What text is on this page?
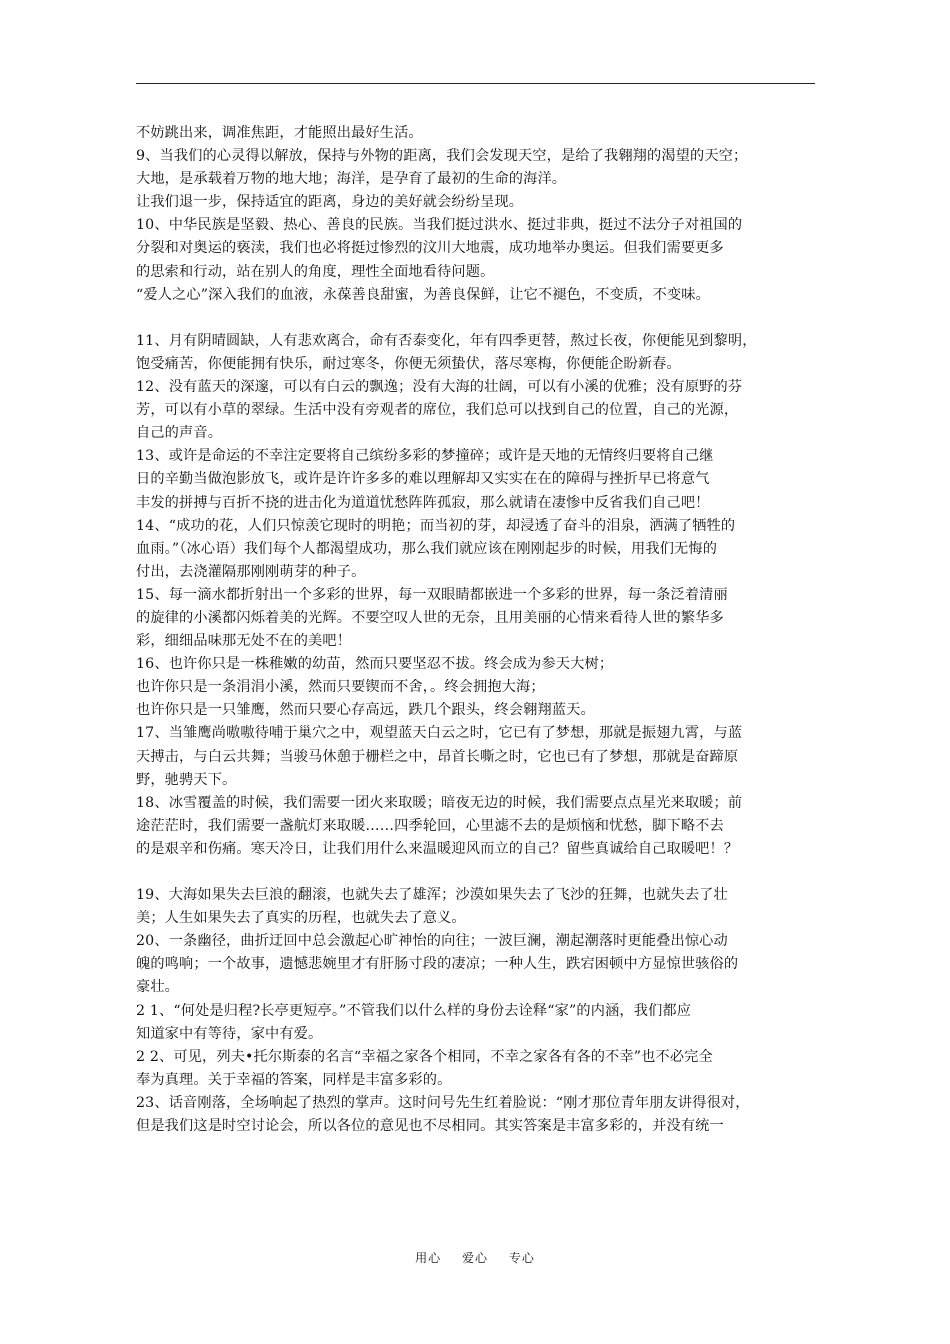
不妨跳出来，调准焦距，才能照出最好生活。
9、当我们的心灵得以解放，保持与外物的距离，我们会发现天空，是给了我翱翔的渴望的天空；
大地，是承载着万物的地大地；海洋，是孕育了最初的生命的海洋。
让我们退一步，保持适宜的距离，身边的美好就会纷纷呈现。
10、中华民族是坚毅、热心、善良的民族。当我们挺过洪水、挺过非典，挺过不法分子对祖国的
分裂和对奥运的亵渎，我们也必将挺过惨烈的汶川大地震，成功地举办奥运。但我们需要更多
的思索和行动，站在别人的角度，理性全面地看待问题。
“爱人之心”深入我们的血液，永葆善良甜蜜，为善良保鲜，让它不褪色，不变质，不变味。
11、月有阴晴圆缺，人有悲欢离合，命有否泰变化，年有四季更替，熬过长夜，你便能见到黎明，
饱受痛苦，你便能拥有快乐，耐过寒冬，你便无须蛰伏，落尽寒梅，你便能企盼新春。
12、没有蓝天的深邃，可以有白云的飘逸；没有大海的壮阔，可以有小溪的优雅；没有原野的芬
芳，可以有小草的翠绿。生活中没有旁观者的席位，我们总可以找到自己的位置，自己的光源，
自己的声音。
13、或许是命运的不幸注定要将自己缤纷多彩的梦撞碎；或许是天地的无情终归要将自己继
日的辛勤当做泡影放飞，或许是许许多多的难以理解却又实实在在的障碍与挫折早已将意气
丰发的拼搏与百折不挠的进击化为道道忧愁阵阵孤寂，那么就请在凄惨中反省我们自己吧！
14、“成功的花，人们只惊羡它现时的明艳；而当初的芽，却浸透了奋斗的泪泉，洒满了牺牲的
血雨。”（冰心语）我们每个人都渴望成功，那么我们就应该在刚刚起步的时候，用我们无悔的
付出，去浇灌隔那刚刚萌芽的种子。
15、每一滴水都折射出一个多彩的世界，每一双眼睛都嵌进一个多彩的世界，每一条泛着清丽
的旋律的小溪都闪烁着美的光辉。不要空叹人世的无奈，且用美丽的心情来看待人世的繁华多
彩，细细品味那无处不在的美吧！
16、也许你只是一株稚嫩的幼苗，然而只要坚忍不拔。终会成为参天大树；
也许你只是一条涓涓小溪，然而只要锲而不舍，。终会拥抱大海；
也许你只是一只雏鹰，然而只要心存高远，跌几个跟头，终会翱翔蓝天。
17、当雏鹰尚嗷嗷待哺于巢穴之中，观望蓝天白云之时，它已有了梦想，那就是振翅九霄，与蓝
天搏击，与白云共舞；当骏马休憩于栅栏之中，昂首长嘶之时，它也已有了梦想，那就是奋蹄原
野，驰骋天下。
18、冰雪覆盖的时候，我们需要一团火来取暖；暗夜无边的时候，我们需要点点星光来取暖；前
途茫茫时，我们需要一盏航灯来取暖……四季轮回，心里滤不去的是烦恼和忧愁，脚下略不去
的是艰辛和伤痛。寒天冷日，让我们用什么来温暖迎风而立的自己？留些真诚给自己取暖吧！？
19、大海如果失去巨浪的翻滚，也就失去了雄浑；沙漠如果失去了飞沙的狂舞，也就失去了壮
美；人生如果失去了真实的历程，也就失去了意义。
20、一条幽径，曲折迂回中总会激起心旷神怡的向往；一波巨澜，潮起潮落时更能叠出惊心动
魄的鸣响；一个故事，遗憾悲婉里才有肝肠寸段的凄凉；一种人生，跌宕困顿中方显惊世骇俗的
豪壮。
2 1、“何处是归程?长亭更短亭。”不管我们以什么样的身份去诠释“家”的内涵，我们都应
知道家中有等待，家中有爱。
2 2、可见，列夫•托尔斯泰的名言“幸福之家各个相同，不幸之家各有各的不幸”也不必完全
奉为真理。关于幸福的答案，同样是丰富多彩的。
23、话音刚落，全场响起了热烈的掌声。这时问号先生红着脸说：“刚才那位青年朋友讲得很对，
但是我们这是时空讨论会，所以各位的意见也不尽相同。其实答案是丰富多彩的，并没有统一
用心 爱心 专心
